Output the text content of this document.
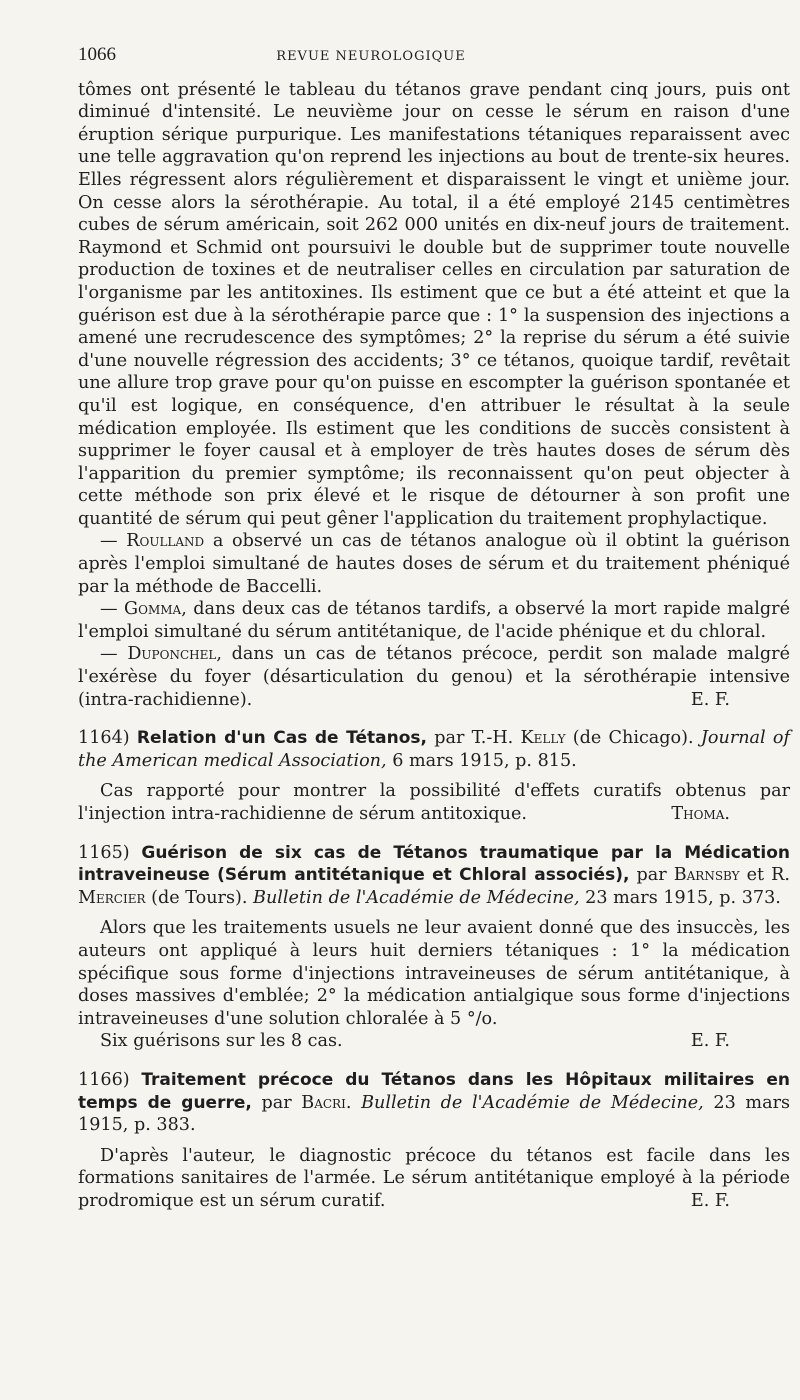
1066	REVUE NEUROLOGIQUE

tômes ont présenté le tableau du tétanos grave pendant cinq jours, puis ont diminué d'intensité. Le neuvième jour on cesse le sérum en raison d'une éruption sérique purpurique. Les manifestations tétaniques reparaissent avec une telle aggravation qu'on reprend les injections au bout de trente-six heures. Elles régressent alors régulièrement et disparaissent le vingt et unième jour. On cesse alors la sérothérapie. Au total, il a été employé 2145 centimètres cubes de sérum américain, soit 262 000 unités en dix-neuf jours de traitement. Raymond et Schmid ont poursuivi le double but de supprimer toute nouvelle production de toxines et de neutraliser celles en circulation par saturation de l'organisme par les antitoxines. Ils estiment que ce but a été atteint et que la guérison est due à la sérothérapie parce que : 1° la suspension des injections a amené une recrudescence des symptômes; 2° la reprise du sérum a été suivie d'une nouvelle régression des accidents; 3° ce tétanos, quoique tardif, revêtait une allure trop grave pour qu'on puisse en escompter la guérison spontanée et qu'il est logique, en conséquence, d'en attribuer le résultat à la seule médication employée. Ils estiment que les conditions de succès consistent à supprimer le foyer causal et à employer de très hautes doses de sérum dès l'apparition du premier symptôme; ils reconnaissent qu'on peut objecter à cette méthode son prix élevé et le risque de détourner à son profit une quantité de sérum qui peut gêner l'application du traitement prophylactique.

— Roulland a observé un cas de tétanos analogue où il obtint la guérison après l'emploi simultané de hautes doses de sérum et du traitement phéniqué par la méthode de Baccelli.

— Gomma, dans deux cas de tétanos tardifs, a observé la mort rapide malgré l'emploi simultané du sérum antitétanique, de l'acide phénique et du chloral.

— Duponchel, dans un cas de tétanos précoce, perdit son malade malgré l'exérèse du foyer (désarticulation du genou) et la sérothérapie intensive (intra-rachidienne).	E. F.

1164) Relation d'un Cas de Tétanos, par T.-H. Kelly (de Chicago). Journal of the American medical Association, 6 mars 1915, p. 815.

Cas rapporté pour montrer la possibilité d'effets curatifs obtenus par l'injection intra-rachidienne de sérum antitoxique.	Thoma.

1165) Guérison de six cas de Tétanos traumatique par la Médication intraveineuse (Sérum antitétanique et Chloral associés), par Barnsby et R. Mercier (de Tours). Bulletin de l'Académie de Médecine, 23 mars 1915, p. 373.

Alors que les traitements usuels ne leur avaient donné que des insuccès, les auteurs ont appliqué à leurs huit derniers tétaniques : 1° la médication spécifique sous forme d'injections intraveineuses de sérum antitétanique, à doses massives d'emblée; 2° la médication antialgique sous forme d'injections intraveineuses d'une solution chloralée à 5 °/o.

Six guérisons sur les 8 cas.	E. F.

1166) Traitement précoce du Tétanos dans les Hôpitaux militaires en temps de guerre, par Bacri. Bulletin de l'Académie de Médecine, 23 mars 1915, p. 383.

D'après l'auteur, le diagnostic précoce du tétanos est facile dans les formations sanitaires de l'armée. Le sérum antitétanique employé à la période prodromique est un sérum curatif.	E. F.
